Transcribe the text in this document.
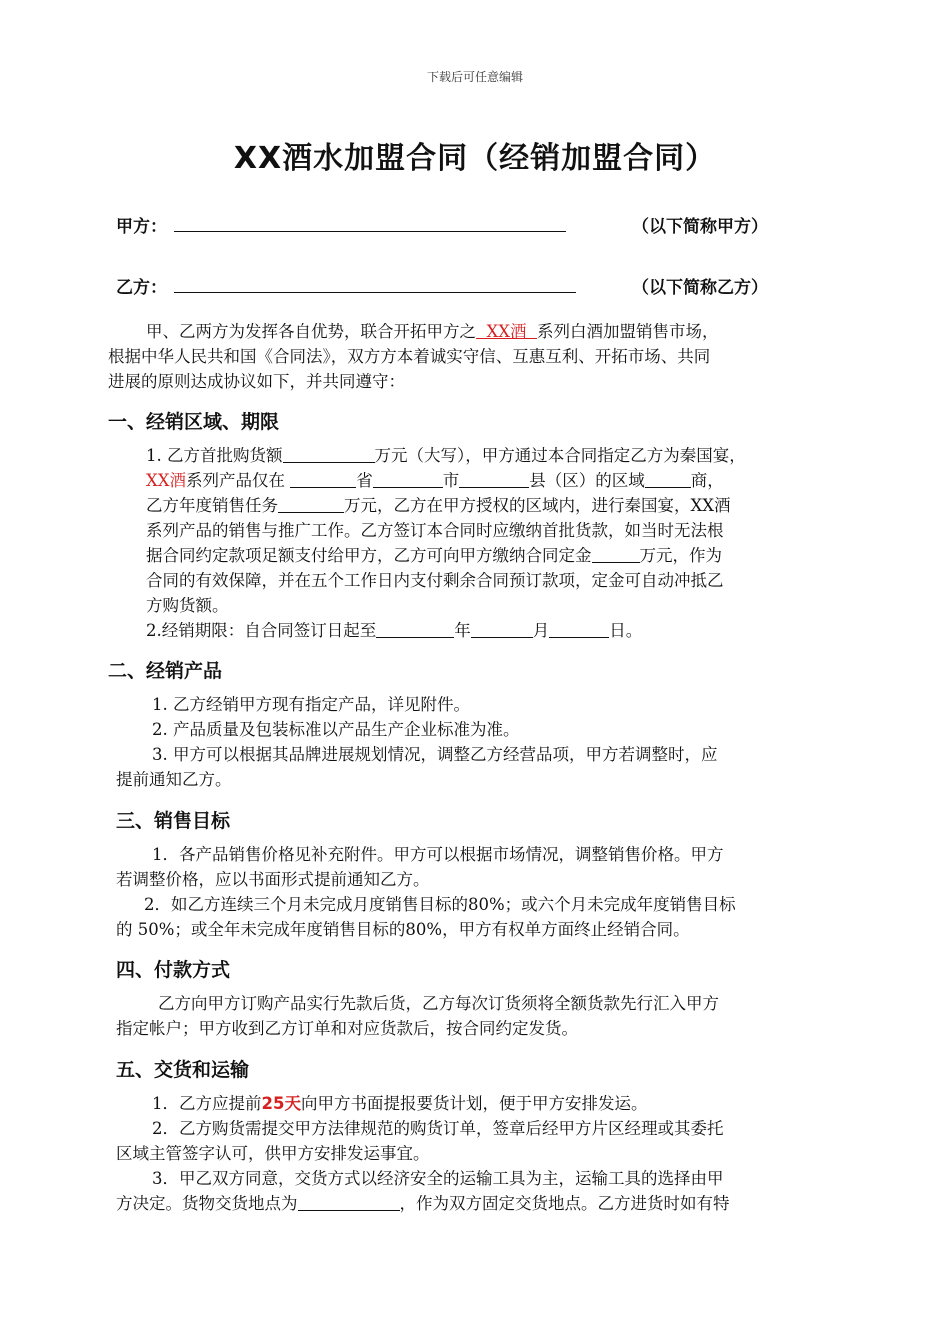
下载后可任意编辑
XX酒水加盟合同（经销加盟合同）
甲方：	（以下简称甲方）
乙方：	（以下简称乙方）
甲、乙两方为发挥各自优势，联合开拓甲方之  XX酒  系列白酒加盟销售市场，
根据中华人民共和国《合同法》，双方方本着诚实守信、互惠互利、开拓市场、共同
进展的原则达成协议如下，并共同遵守：
一、经销区域、期限
1. 乙方首批购货额	万元（大写），甲方通过本合同指定乙方为秦国宴，
XX酒系列产品仅在	省	市	县（区）的区域	商，
乙方年度销售任务	万元，乙方在甲方授权的区域内，进行秦国宴，XX酒
系列产品的销售与推广工作。乙方签订本合同时应缴纳首批货款，如当时无法根
据合同约定款项足额支付给甲方，乙方可向甲方缴纳合同定金	万元，作为
合同的有效保障，并在五个工作日内支付剩余合同预订款项，定金可自动冲抵乙
方购货额。
2.经销期限：自合同签订日起至	年	月	日。
二、经销产品
1. 乙方经销甲方现有指定产品，详见附件。
2. 产品质量及包装标准以产品生产企业标准为准。
3. 甲方可以根据其品牌进展规划情况，调整乙方经营品项，甲方若调整时，应
提前通知乙方。
三、销售目标
1．各产品销售价格见补充附件。甲方可以根据市场情况，调整销售价格。甲方
若调整价格，应以书面形式提前通知乙方。
2．如乙方连续三个月未完成月度销售目标的80%；或六个月未完成年度销售目标
的 50%；或全年未完成年度销售目标的80%，甲方有权单方面终止经销合同。
四、付款方式
乙方向甲方订购产品实行先款后货，乙方每次订货须将全额货款先行汇入甲方
指定帐户；甲方收到乙方订单和对应货款后，按合同约定发货。
五、交货和运输
1．乙方应提前25天向甲方书面提报要货计划，便于甲方安排发运。
2．乙方购货需提交甲方法律规范的购货订单，签章后经甲方片区经理或其委托
区域主管签字认可，供甲方安排发运事宜。
3．甲乙双方同意，交货方式以经济安全的运输工具为主，运输工具的选择由甲
方决定。货物交货地点为	，作为双方固定交货地点。乙方进货时如有特
